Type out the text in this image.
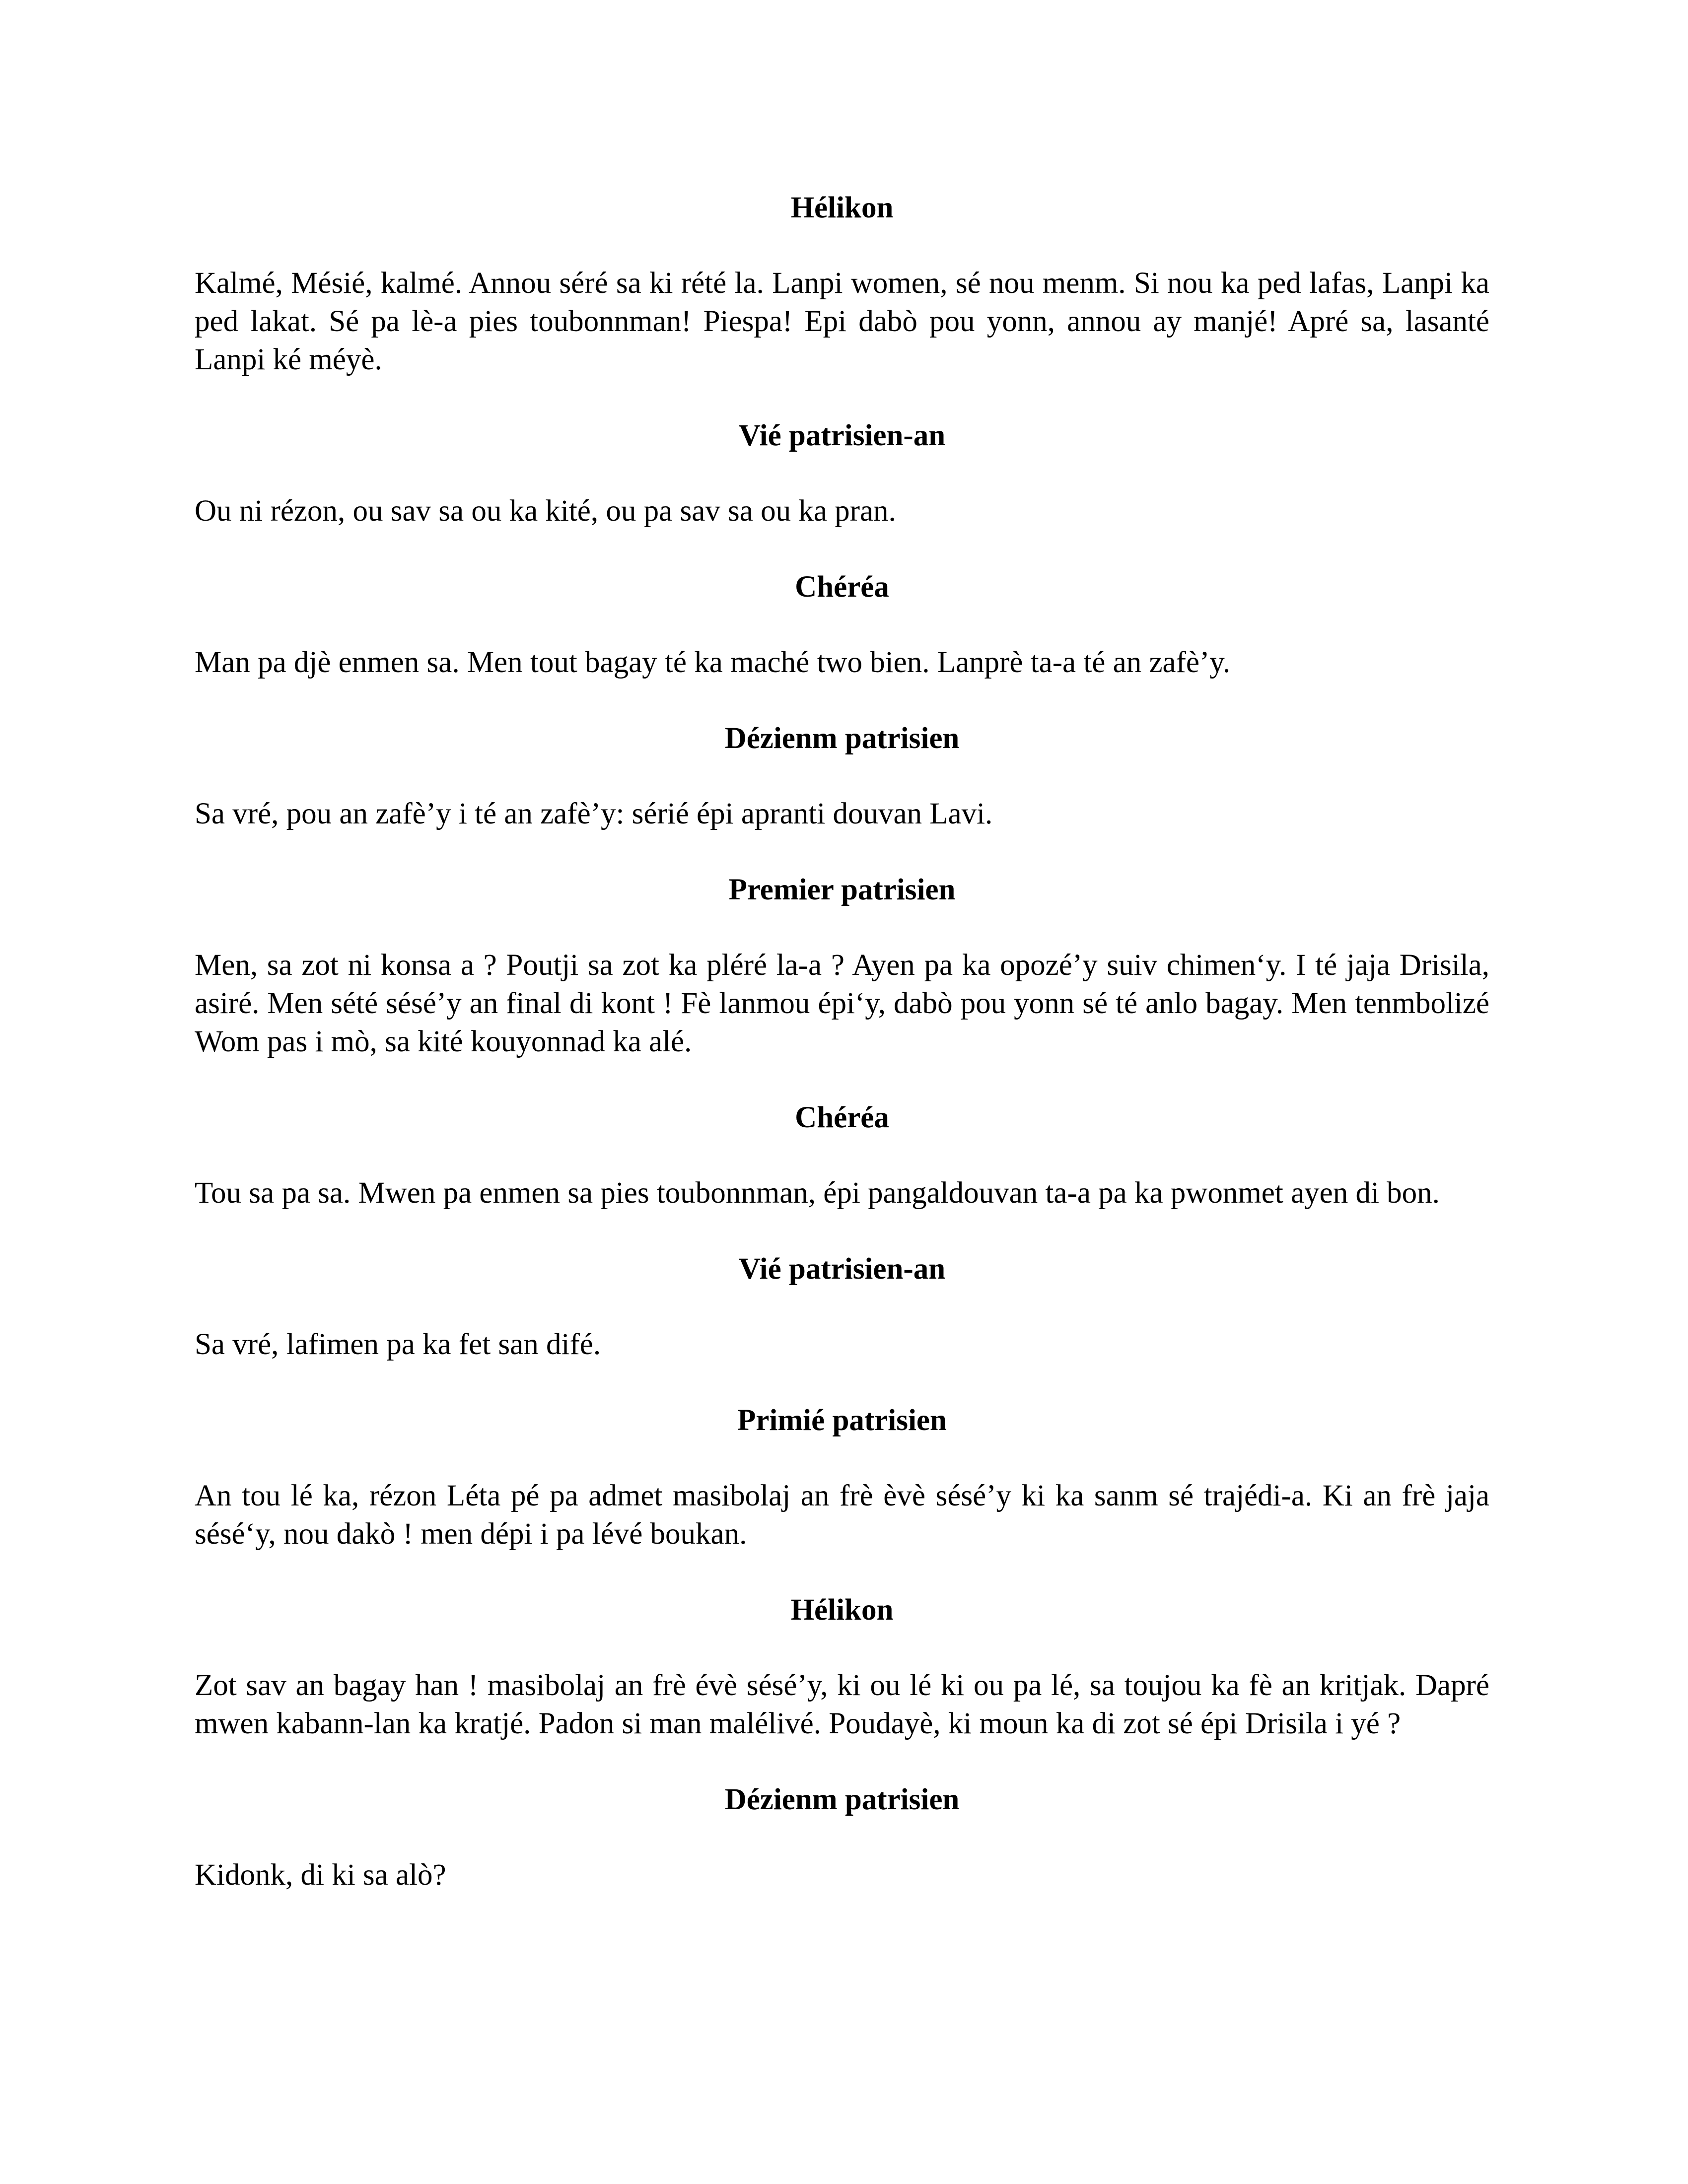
Hélikon

Kalmé, Mésié, kalmé. Annou séré sa ki rété la. Lanpi women, sé nou menm. Si nou ka ped lafas, Lanpi ka ped lakat. Sé pa lè-a pies toubonnman! Piespa! Epi dabò pou yonn, annou ay manjé! Apré sa, lasanté Lanpi ké méyè.

Vié patrisien-an

Ou ni rézon, ou sav sa ou ka kité, ou pa sav sa ou ka pran.

Chéréa

Man pa djè enmen sa. Men tout bagay té ka maché two bien. Lanprè ta-a té an zafè’y.

Dézienm patrisien

Sa vré, pou an zafè’y i té an zafè’y: sérié épi apranti douvan Lavi.

Premier patrisien

Men, sa zot ni konsa a ? Poutji sa zot ka pléré la-a ? Ayen pa ka opozé’y suiv chimen‘y. I té jaja Drisila, asiré. Men sété sésé’y an final di kont ! Fè lanmou épi‘y, dabò pou yonn sé té anlo bagay. Men tenmbolizé Wom pas i mò, sa kité kouyonnad ka alé.

Chéréa

Tou sa pa sa. Mwen pa enmen sa pies toubonnman, épi pangaldouvan ta-a pa ka pwonmet ayen di bon.

Vié patrisien-an

Sa vré, lafimen pa ka fet san difé.

Primié patrisien

An tou lé ka, rézon Léta pé pa admet masibolaj an frè èvè sésé’y ki ka sanm sé trajédi-a. Ki an frè jaja sésé‘y, nou dakò ! men dépi i pa lévé boukan.

Hélikon

Zot sav an bagay han ! masibolaj an frè évè sésé’y, ki ou lé ki ou pa lé, sa toujou ka fè an kritjak. Dapré mwen kabann-lan ka kratjé. Padon si man malélivé. Poudayè, ki moun ka di zot sé épi Drisila i yé ?

Dézienm patrisien

Kidonk, di ki sa alò?
